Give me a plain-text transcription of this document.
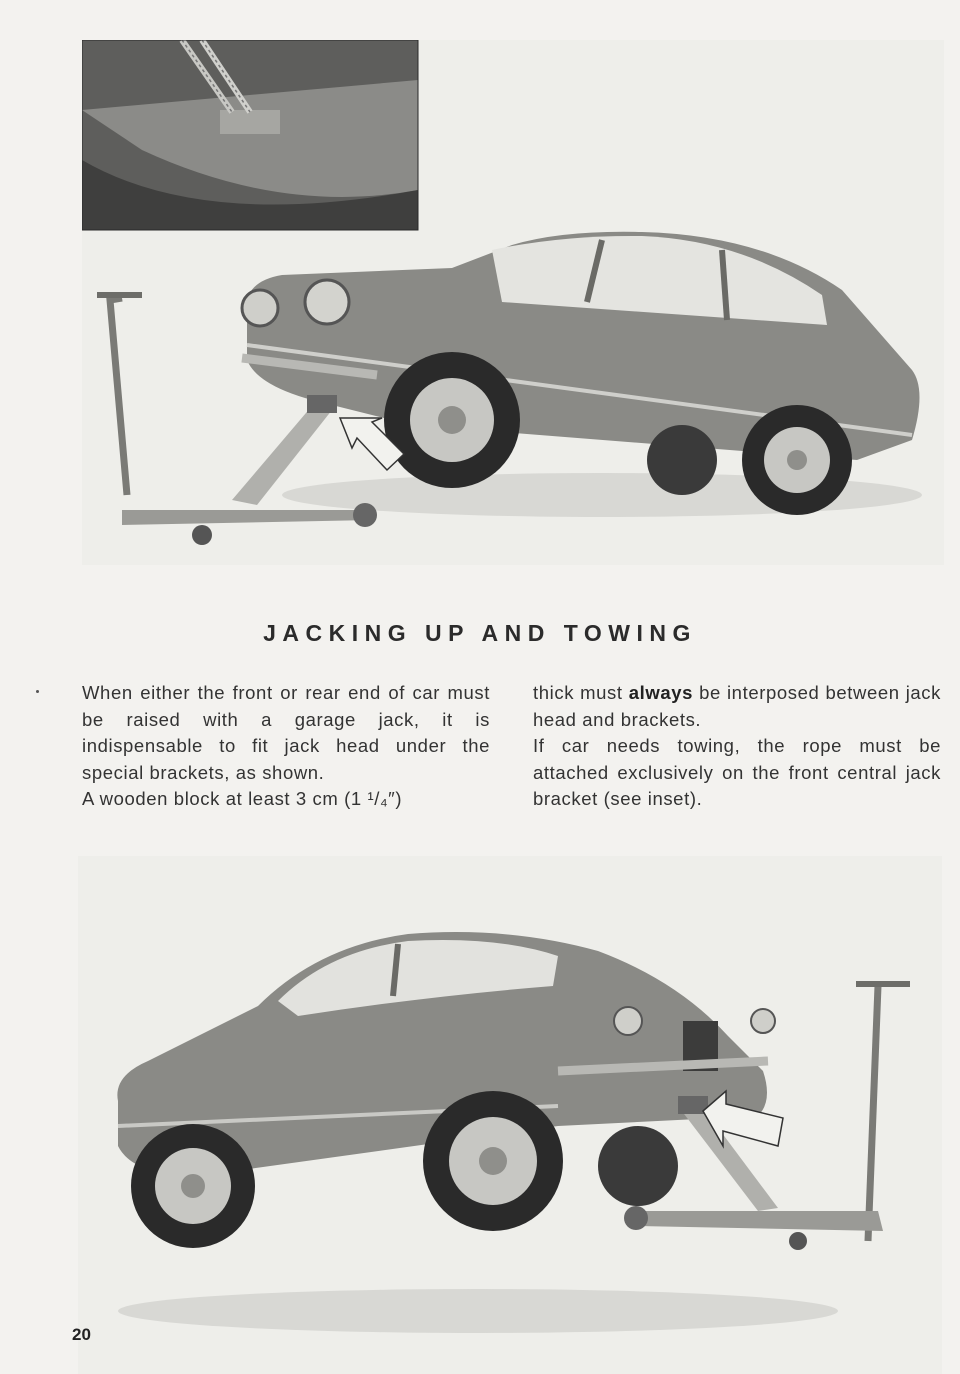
JACKING UP AND TOWING

When either the front or rear end of car must be raised with a garage jack, it is indispensable to fit jack head under the special brackets, as shown.

A wooden block at least 3 cm (1 ¹/₄″)

thick must always be interposed between jack head and brackets.

If car needs towing, the rope must be attached exclusively on the front central jack bracket (see inset).

20
